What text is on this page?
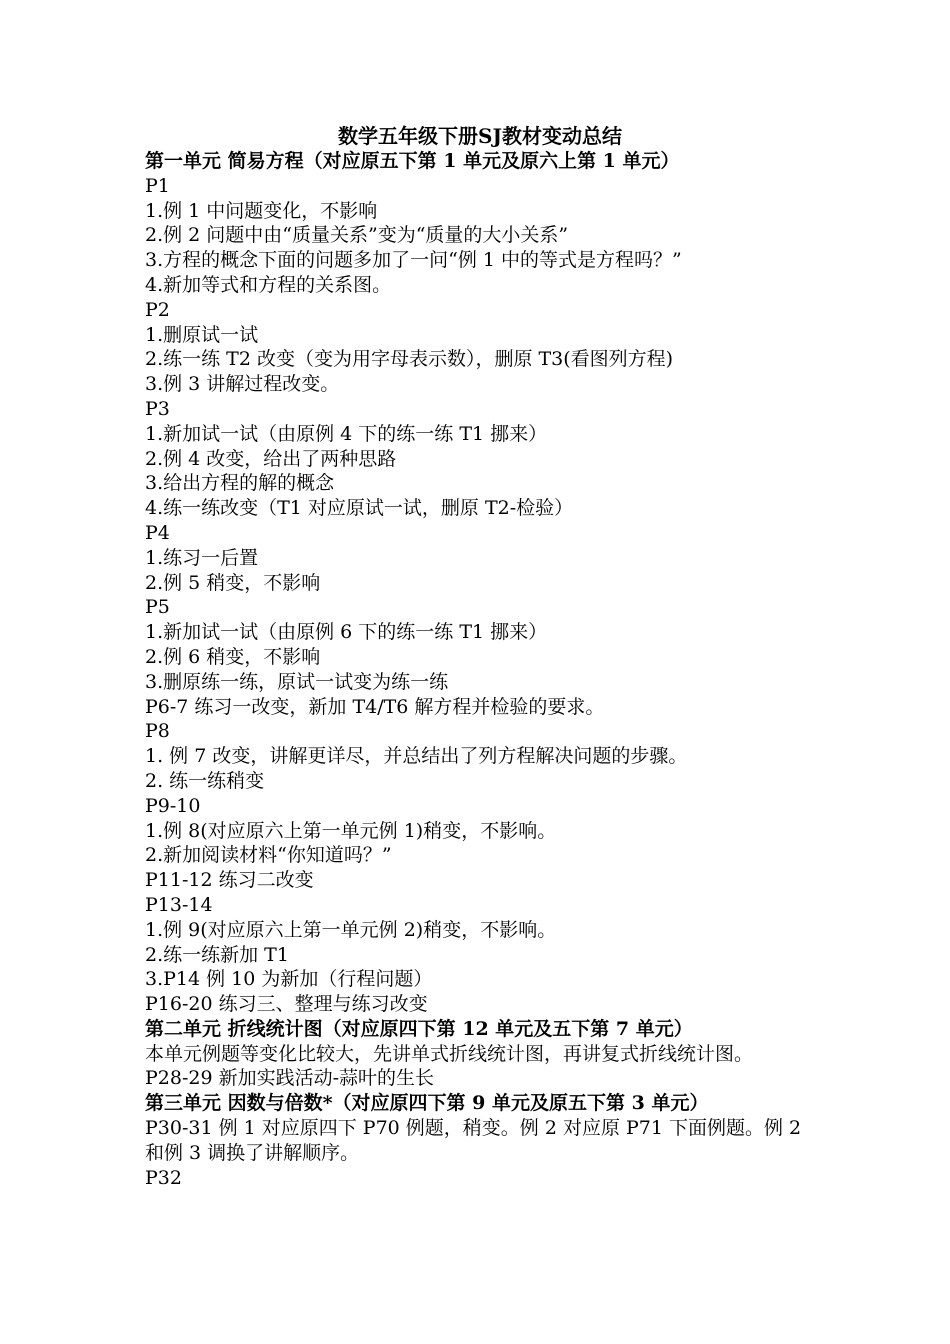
数学五年级下册SJ教材变动总结

第一单元 简易方程（对应原五下第 1 单元及原六上第 1 单元）

P1

1.例 1 中问题变化，不影响

2.例 2 问题中由“质量关系”变为“质量的大小关系”

3.方程的概念下面的问题多加了一问“例 1 中的等式是方程吗？”

4.新加等式和方程的关系图。

P2

1.删原试一试

2.练一练 T2 改变（变为用字母表示数），删原 T3(看图列方程)

3.例 3 讲解过程改变。

P3

1.新加试一试（由原例 4 下的练一练 T1 挪来）

2.例 4 改变，给出了两种思路

3.给出方程的解的概念

4.练一练改变（T1 对应原试一试，删原 T2-检验）

P4

1.练习一后置

2.例 5 稍变，不影响

P5

1.新加试一试（由原例 6 下的练一练 T1 挪来）

2.例 6 稍变，不影响

3.删原练一练，原试一试变为练一练

P6-7 练习一改变，新加 T4/T6 解方程并检验的要求。

P8

1. 例 7 改变，讲解更详尽，并总结出了列方程解决问题的步骤。

2. 练一练稍变

P9-10

1.例 8(对应原六上第一单元例 1)稍变，不影响。

2.新加阅读材料“你知道吗？”

P11-12 练习二改变

P13-14

1.例 9(对应原六上第一单元例 2)稍变，不影响。

2.练一练新加 T1

3.P14 例 10 为新加（行程问题）

P16-20 练习三、整理与练习改变

第二单元 折线统计图（对应原四下第 12 单元及五下第 7 单元）

本单元例题等变化比较大，先讲单式折线统计图，再讲复式折线统计图。

P28-29 新加实践活动-蒜叶的生长

第三单元 因数与倍数*（对应原四下第 9 单元及原五下第 3 单元）

P30-31 例 1 对应原四下 P70 例题，稍变。例 2 对应原 P71 下面例题。例 2 和例 3 调换了讲解顺序。

P32
